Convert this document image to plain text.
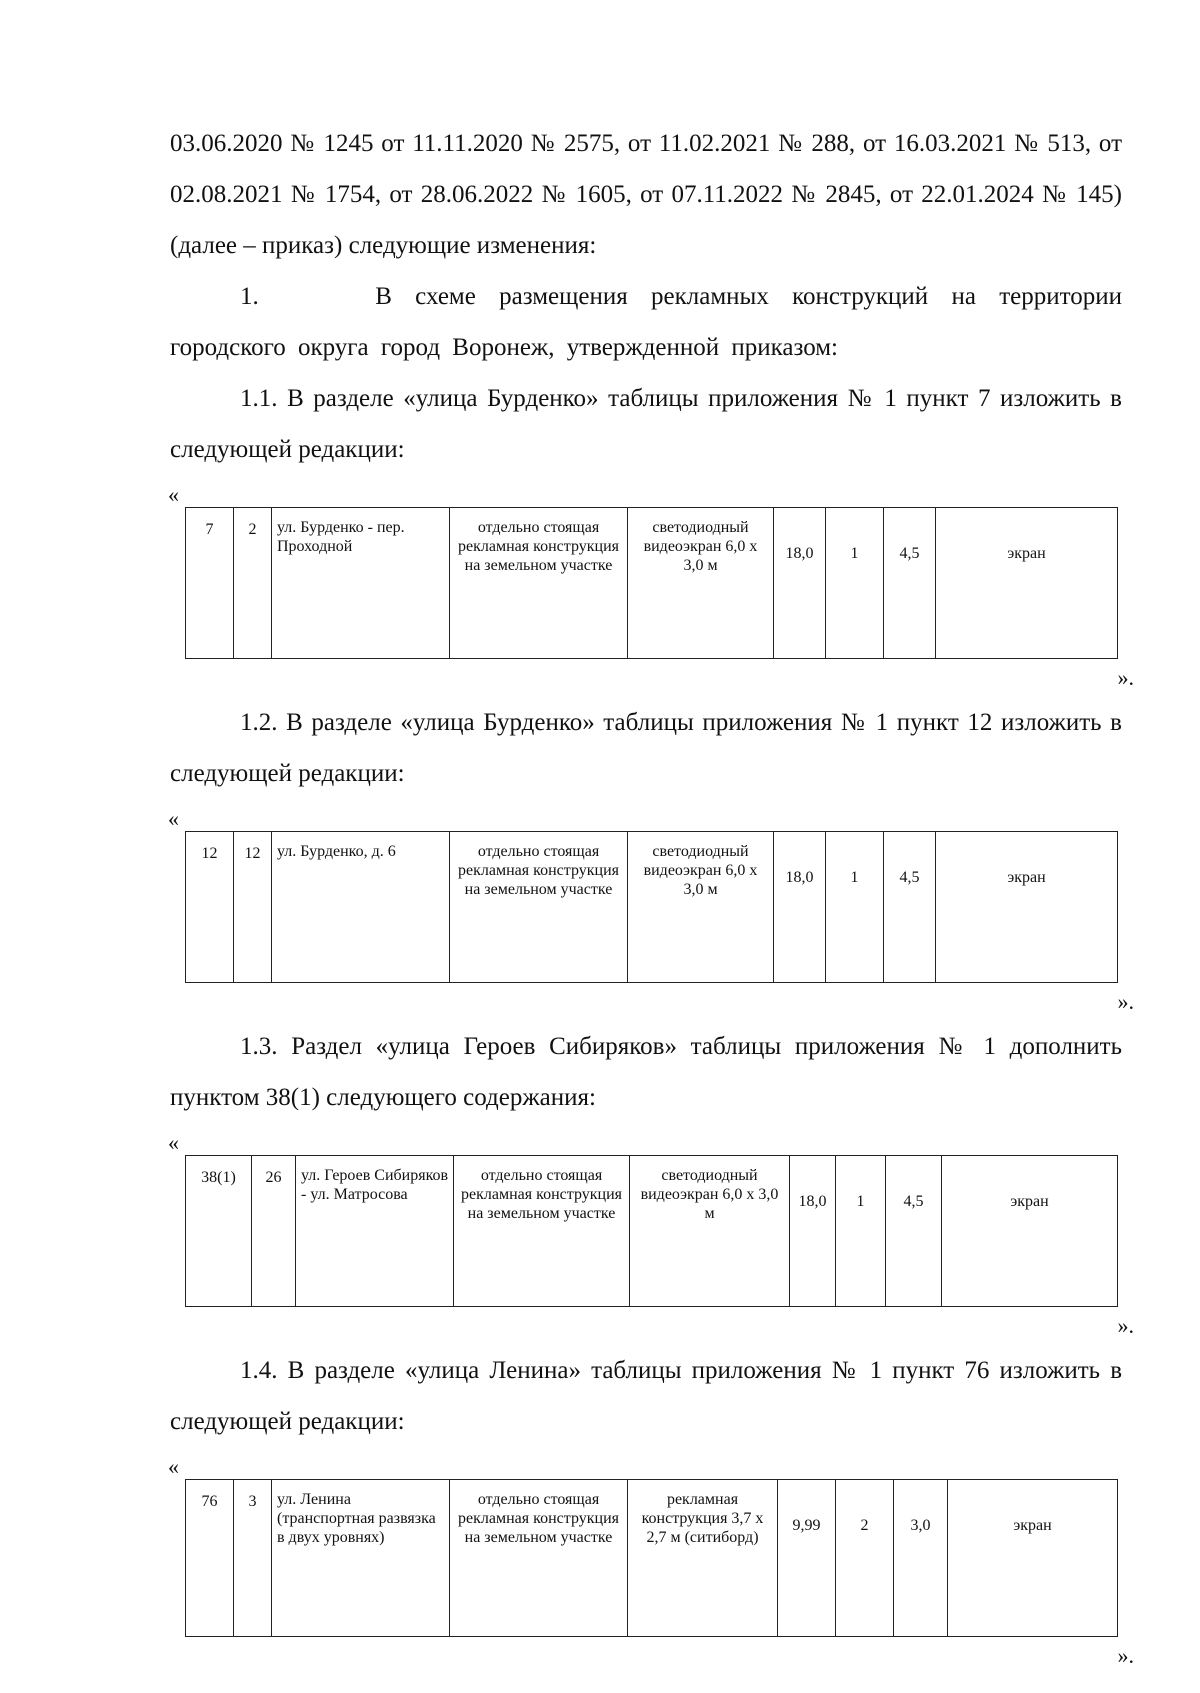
03.06.2020 № 1245 от 11.11.2020 № 2575, от 11.02.2021 № 288, от 16.03.2021 № 513, от 02.08.2021 № 1754, от 28.06.2022 № 1605, от 07.11.2022 № 2845, от 22.01.2024 № 145) (далее – приказ) следующие изменения:

1.     В схеме размещения рекламных конструкций на территории городского округа город Воронеж, утвержденной приказом:

1.1. В разделе «улица Бурденко» таблицы приложения № 1 пункт 7 изложить в следующей редакции:

«
7	2	ул. Бурденко - пер. Проходной	отдельно стоящая рекламная конструкция на земельном участке	светодиодный видеоэкран 6,0 х 3,0 м	18,0	1	4,5	экран
».

1.2. В разделе «улица Бурденко» таблицы приложения № 1 пункт 12 изложить в следующей редакции:

«
12	12	ул. Бурденко, д. 6	отдельно стоящая рекламная конструкция на земельном участке	светодиодный видеоэкран 6,0 х 3,0 м	18,0	1	4,5	экран
».

1.3. Раздел «улица Героев Сибиряков» таблицы приложения № 1 дополнить пунктом 38(1) следующего содержания:

«
38(1)	26	ул. Героев Сибиряков - ул. Матросова	отдельно стоящая рекламная конструкция на земельном участке	светодиодный видеоэкран 6,0 х 3,0 м	18,0	1	4,5	экран
».

1.4. В разделе «улица Ленина» таблицы приложения № 1 пункт 76 изложить в следующей редакции:

«
76	3	ул. Ленина (транспортная развязка в двух уровнях)	отдельно стоящая рекламная конструкция на земельном участке	рекламная конструкция 3,7 х 2,7 м (ситиборд)	9,99	2	3,0	экран
».
